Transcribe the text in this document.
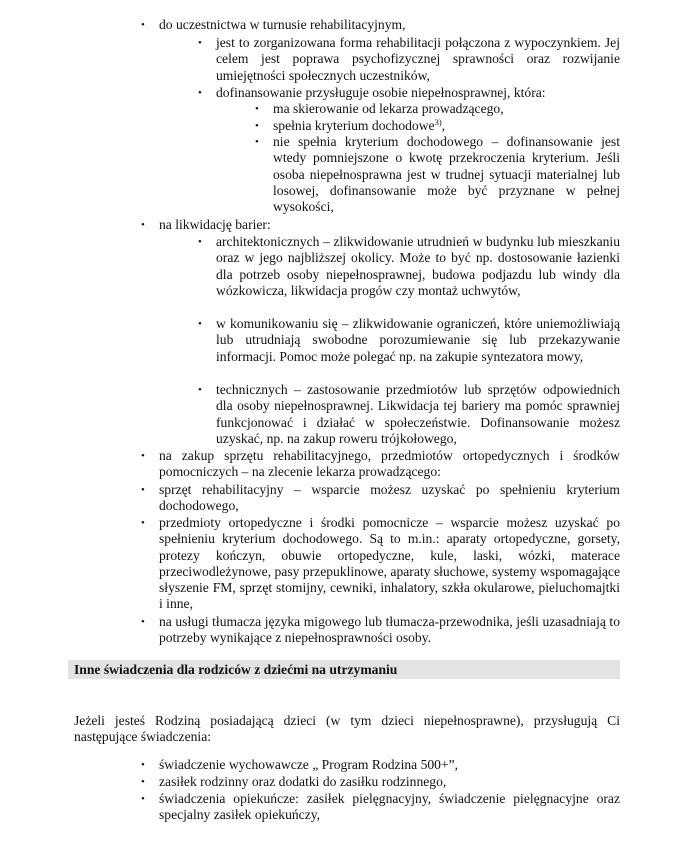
• do uczestnictwa w turnusie rehabilitacyjnym,
• jest to zorganizowana forma rehabilitacji połączona z wypoczynkiem. Jej celem jest poprawa psychofizycznej sprawności oraz rozwijanie umiejętności społecznych uczestników,
• dofinansowanie przysługuje osobie niepełnosprawnej, która:
• ma skierowanie od lekarza prowadzącego,
• spełnia kryterium dochodowe$^{3)}$,
• nie spełnia kryterium dochodowego – dofinansowanie jest wtedy pomniejszone o kwotę przekroczenia kryterium. Jeśli osoba niepełnosprawna jest w trudnej sytuacji materialnej lub losowej, dofinansowanie może być przyznane w pełnej wysokości,
• na likwidację barier:
• architektonicznych – zlikwidowanie utrudnień w budynku lub mieszkaniu oraz w jego najbliższej okolicy. Może to być np. dostosowanie łazienki dla potrzeb osoby niepełnosprawnej, budowa podjazdu lub windy dla wózkowicza, likwidacja progów czy montaż uchwytów,
• w komunikowaniu się – zlikwidowanie ograniczeń, które uniemożliwiają lub utrudniają swobodne porozumiewanie się lub przekazywanie informacji. Pomoc może polegać np. na zakupie syntezatora mowy,
• technicznych – zastosowanie przedmiotów lub sprzętów odpowiednich dla osoby niepełnosprawnej. Likwidacja tej bariery ma pomóc sprawniej funkcjonować i działać w społeczeństwie. Dofinansowanie możesz uzyskać, np. na zakup roweru trójkołowego,
• na zakup sprzętu rehabilitacyjnego, przedmiotów ortopedycznych i środków pomocniczych – na zlecenie lekarza prowadzącego:
• sprzęt rehabilitacyjny – wsparcie możesz uzyskać po spełnieniu kryterium dochodowego,
• przedmioty ortopedyczne i środki pomocnicze – wsparcie możesz uzyskać po spełnieniu kryterium dochodowego. Są to m.in.: aparaty ortopedyczne, gorsety, protezy kończyn, obuwie ortopedyczne, kule, laski, wózki, materace przeciwodleżynowe, pasy przepuklinowe, aparaty słuchowe, systemy wspomagające słyszenie FM, sprzęt stomijny, cewniki, inhalatory, szkła okularowe, pieluchomajtki i inne,
• na usługi tłumacza języka migowego lub tłumacza-przewodnika, jeśli uzasadniają to potrzeby wynikające z niepełnosprawności osoby.
Inne świadczenia dla rodziców z dziećmi na utrzymaniu
Jeżeli jesteś Rodziną posiadającą dzieci (w tym dzieci niepełnosprawne), przysługują Ci następujące świadczenia:
• świadczenie wychowawcze „ Program Rodzina 500+”,
• zasiłek rodzinny oraz dodatki do zasiłku rodzinnego,
• świadczenia opiekuńcze: zasiłek pielęgnacyjny, świadczenie pielęgnacyjne oraz specjalny zasiłek opiekuńczy,
